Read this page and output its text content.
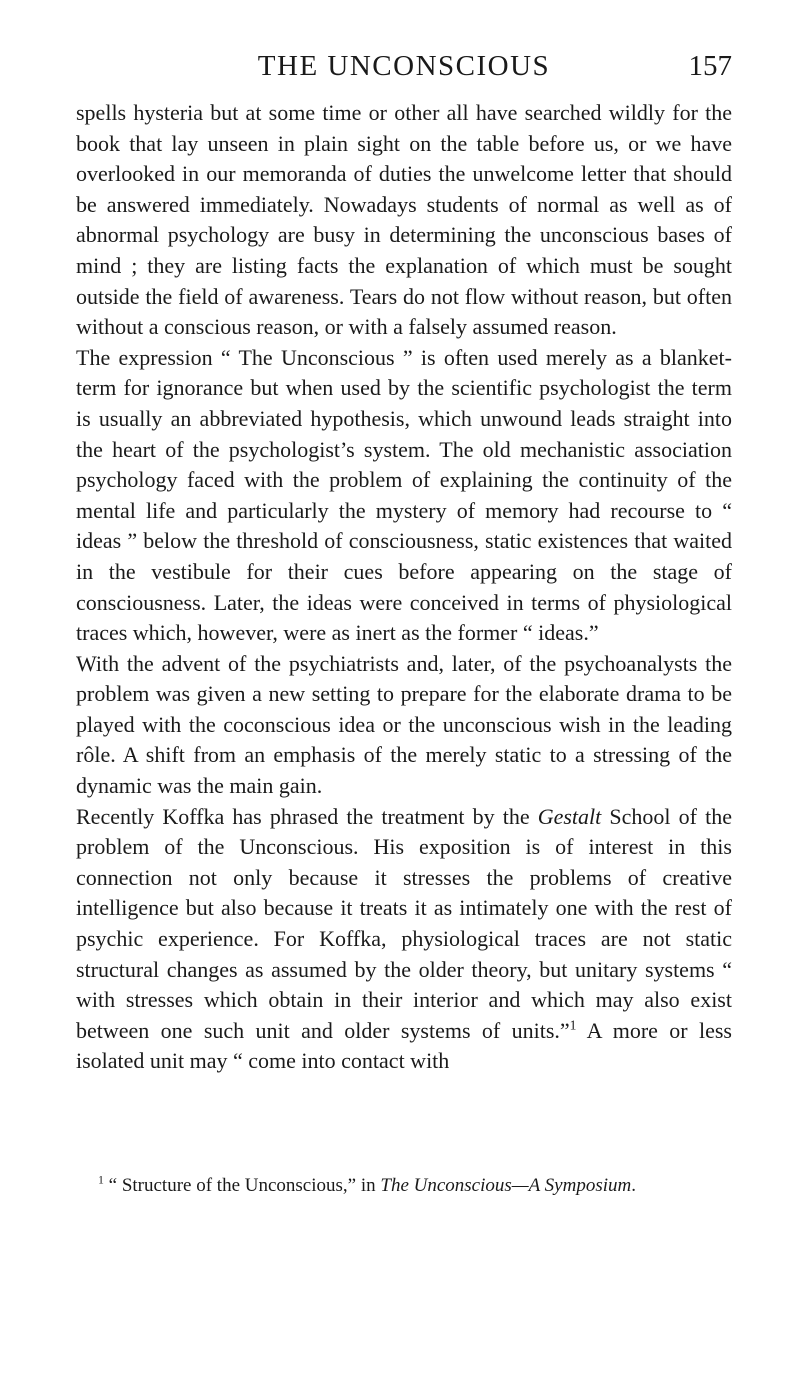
THE UNCONSCIOUS	157

spells hysteria but at some time or other all have searched wildly for the book that lay unseen in plain sight on the table before us, or we have overlooked in our memoranda of duties the unwelcome letter that should be answered immediately. Nowadays students of normal as well as of abnormal psychology are busy in determining the unconscious bases of mind ; they are listing facts the explanation of which must be sought outside the field of awareness. Tears do not flow without reason, but often without a conscious reason, or with a falsely assumed reason.

The expression “ The Unconscious ” is often used merely as a blanket-term for ignorance but when used by the scientific psychologist the term is usually an abbreviated hypothesis, which unwound leads straight into the heart of the psychologist’s system. The old mechanistic association psychology faced with the problem of explaining the continuity of the mental life and particularly the mystery of memory had recourse to “ ideas ” below the threshold of consciousness, static existences that waited in the vestibule for their cues before appearing on the stage of consciousness. Later, the ideas were conceived in terms of physiological traces which, however, were as inert as the former “ ideas.”

With the advent of the psychiatrists and, later, of the psychoanalysts the problem was given a new setting to prepare for the elaborate drama to be played with the coconscious idea or the unconscious wish in the leading rôle. A shift from an emphasis of the merely static to a stressing of the dynamic was the main gain.

Recently Koffka has phrased the treatment by the Gestalt School of the problem of the Unconscious. His exposition is of interest in this connection not only because it stresses the problems of creative intelligence but also because it treats it as intimately one with the rest of psychic experience. For Koffka, physiological traces are not static structural changes as assumed by the older theory, but unitary systems “ with stresses which obtain in their interior and which may also exist between one such unit and older systems of units.”$^1$ A more or less isolated unit may “ come into contact with

$^1$ “ Structure of the Unconscious,” in The Unconscious—A Symposium.
